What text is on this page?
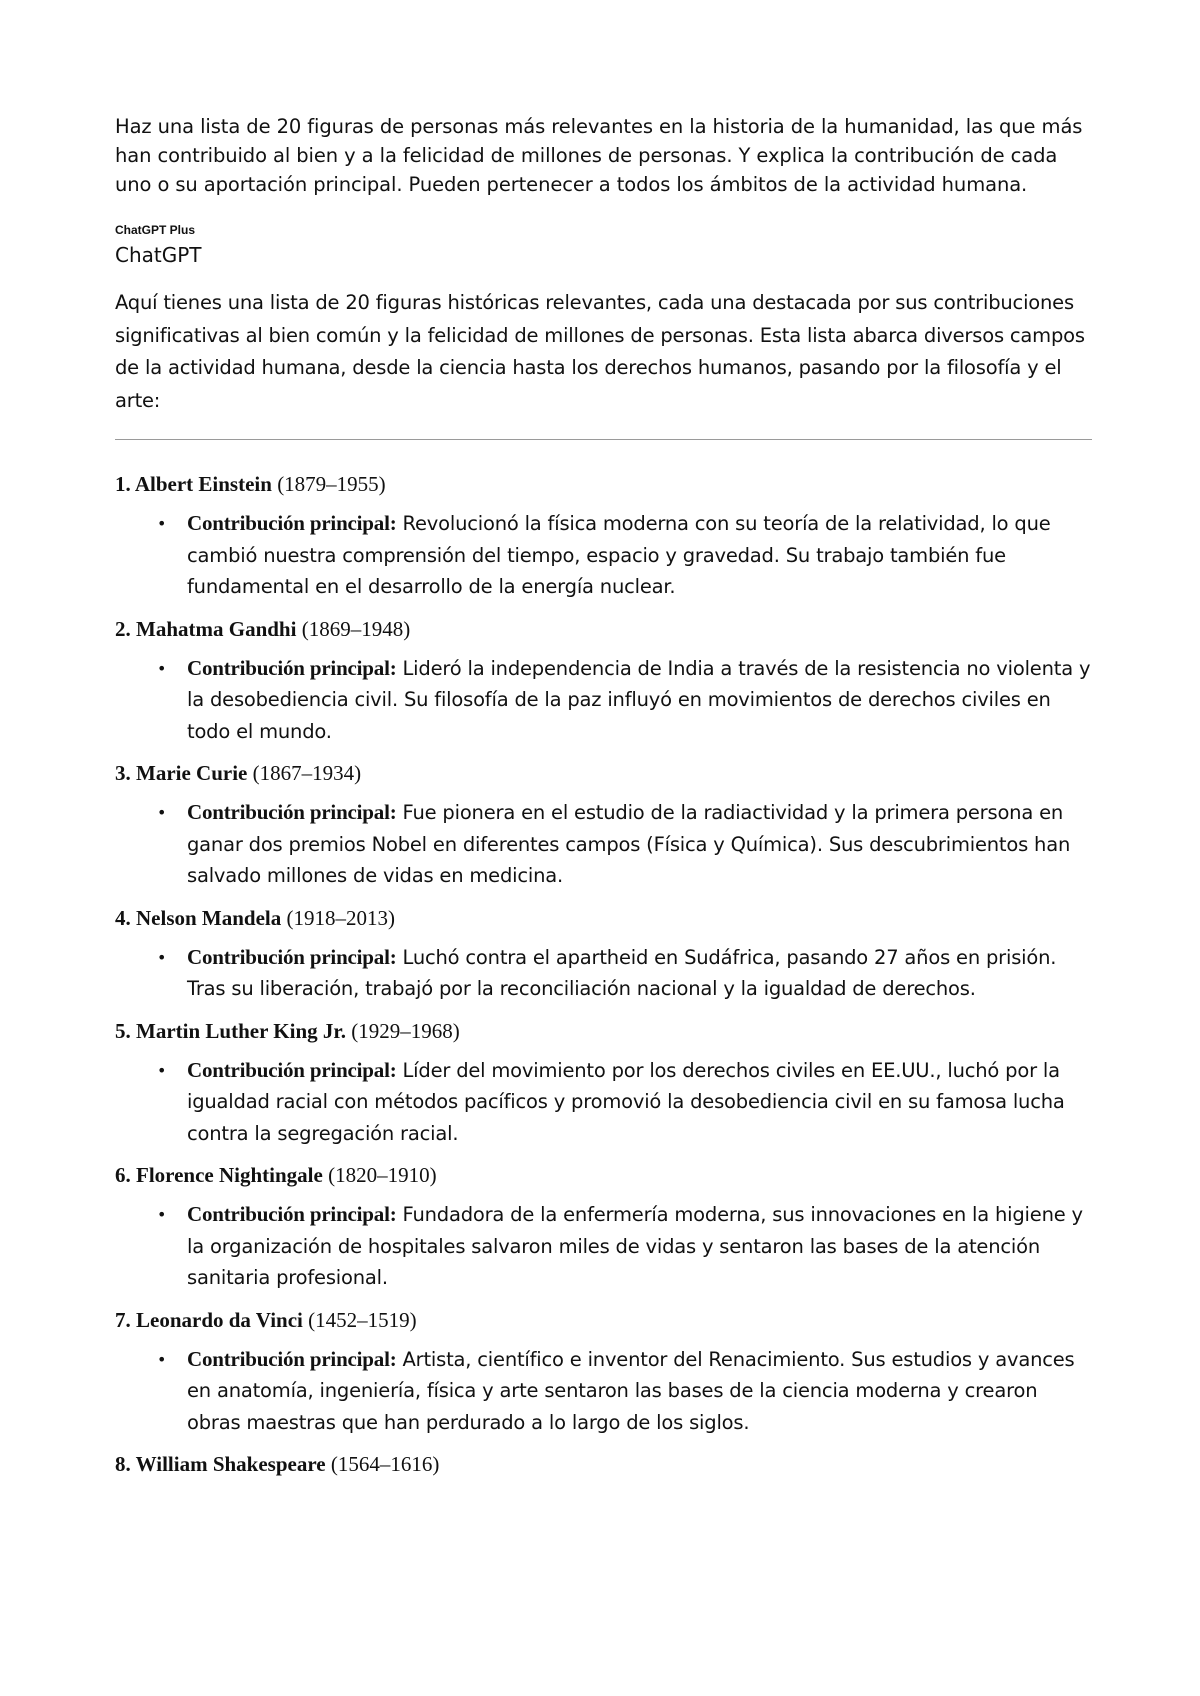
Haz una lista de 20 figuras de personas más relevantes en la historia de la humanidad, las que más han contribuido al bien y a la felicidad de millones de personas. Y explica la contribución de cada uno o su aportación principal. Pueden pertenecer a todos los ámbitos de la actividad humana.

ChatGPT Plus
ChatGPT

Aquí tienes una lista de 20 figuras históricas relevantes, cada una destacada por sus contribuciones significativas al bien común y la felicidad de millones de personas. Esta lista abarca diversos campos de la actividad humana, desde la ciencia hasta los derechos humanos, pasando por la filosofía y el arte:

1. Albert Einstein (1879–1955)
• Contribución principal: Revolucionó la física moderna con su teoría de la relatividad, lo que cambió nuestra comprensión del tiempo, espacio y gravedad. Su trabajo también fue fundamental en el desarrollo de la energía nuclear.
2. Mahatma Gandhi (1869–1948)
• Contribución principal: Lideró la independencia de India a través de la resistencia no violenta y la desobediencia civil. Su filosofía de la paz influyó en movimientos de derechos civiles en todo el mundo.
3. Marie Curie (1867–1934)
• Contribución principal: Fue pionera en el estudio de la radiactividad y la primera persona en ganar dos premios Nobel en diferentes campos (Física y Química). Sus descubrimientos han salvado millones de vidas en medicina.
4. Nelson Mandela (1918–2013)
• Contribución principal: Luchó contra el apartheid en Sudáfrica, pasando 27 años en prisión. Tras su liberación, trabajó por la reconciliación nacional y la igualdad de derechos.
5. Martin Luther King Jr. (1929–1968)
• Contribución principal: Líder del movimiento por los derechos civiles en EE.UU., luchó por la igualdad racial con métodos pacíficos y promovió la desobediencia civil en su famosa lucha contra la segregación racial.
6. Florence Nightingale (1820–1910)
• Contribución principal: Fundadora de la enfermería moderna, sus innovaciones en la higiene y la organización de hospitales salvaron miles de vidas y sentaron las bases de la atención sanitaria profesional.
7. Leonardo da Vinci (1452–1519)
• Contribución principal: Artista, científico e inventor del Renacimiento. Sus estudios y avances en anatomía, ingeniería, física y arte sentaron las bases de la ciencia moderna y crearon obras maestras que han perdurado a lo largo de los siglos.
8. William Shakespeare (1564–1616)
